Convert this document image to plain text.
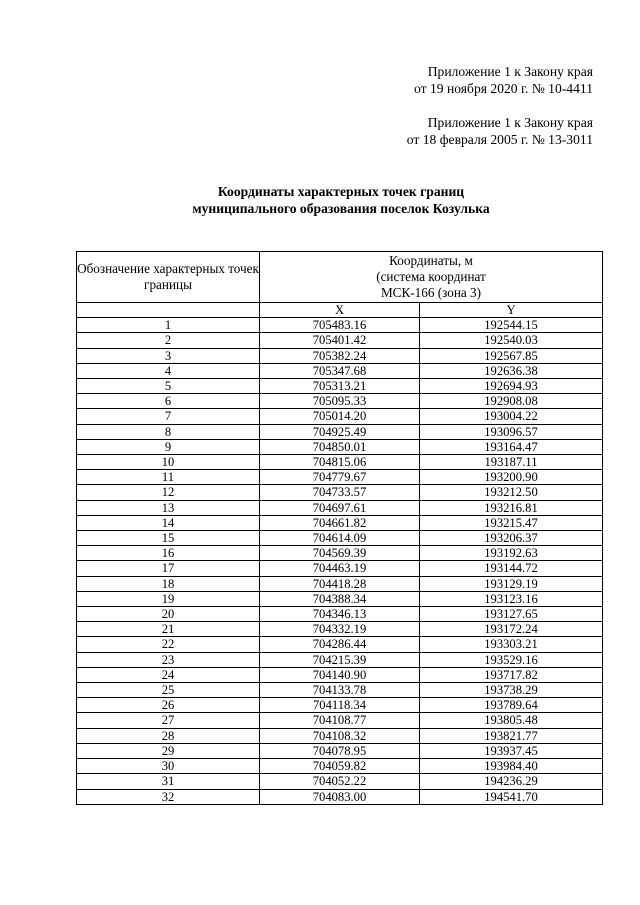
Приложение 1 к Закону края
от 19 ноября 2020 г. № 10-4411
Приложение 1 к Закону края
от 18 февраля 2005 г. № 13-3011
Координаты характерных точек границ
муниципального образования поселок Козулька
Обозначение характерных точек границы	Координаты, м
(система координат
МСК-166 (зона 3)	

	X	Y
1	705483.16	192544.15
2	705401.42	192540.03
3	705382.24	192567.85
4	705347.68	192636.38
5	705313.21	192694.93
6	705095.33	192908.08
7	705014.20	193004.22
8	704925.49	193096.57
9	704850.01	193164.47
10	704815.06	193187.11
11	704779.67	193200.90
12	704733.57	193212.50
13	704697.61	193216.81
14	704661.82	193215.47
15	704614.09	193206.37
16	704569.39	193192.63
17	704463.19	193144.72
18	704418.28	193129.19
19	704388.34	193123.16
20	704346.13	193127.65
21	704332.19	193172.24
22	704286.44	193303.21
23	704215.39	193529.16
24	704140.90	193717.82
25	704133.78	193738.29
26	704118.34	193789.64
27	704108.77	193805.48
28	704108.32	193821.77
29	704078.95	193937.45
30	704059.82	193984.40
31	704052.22	194236.29
32	704083.00	194541.70
